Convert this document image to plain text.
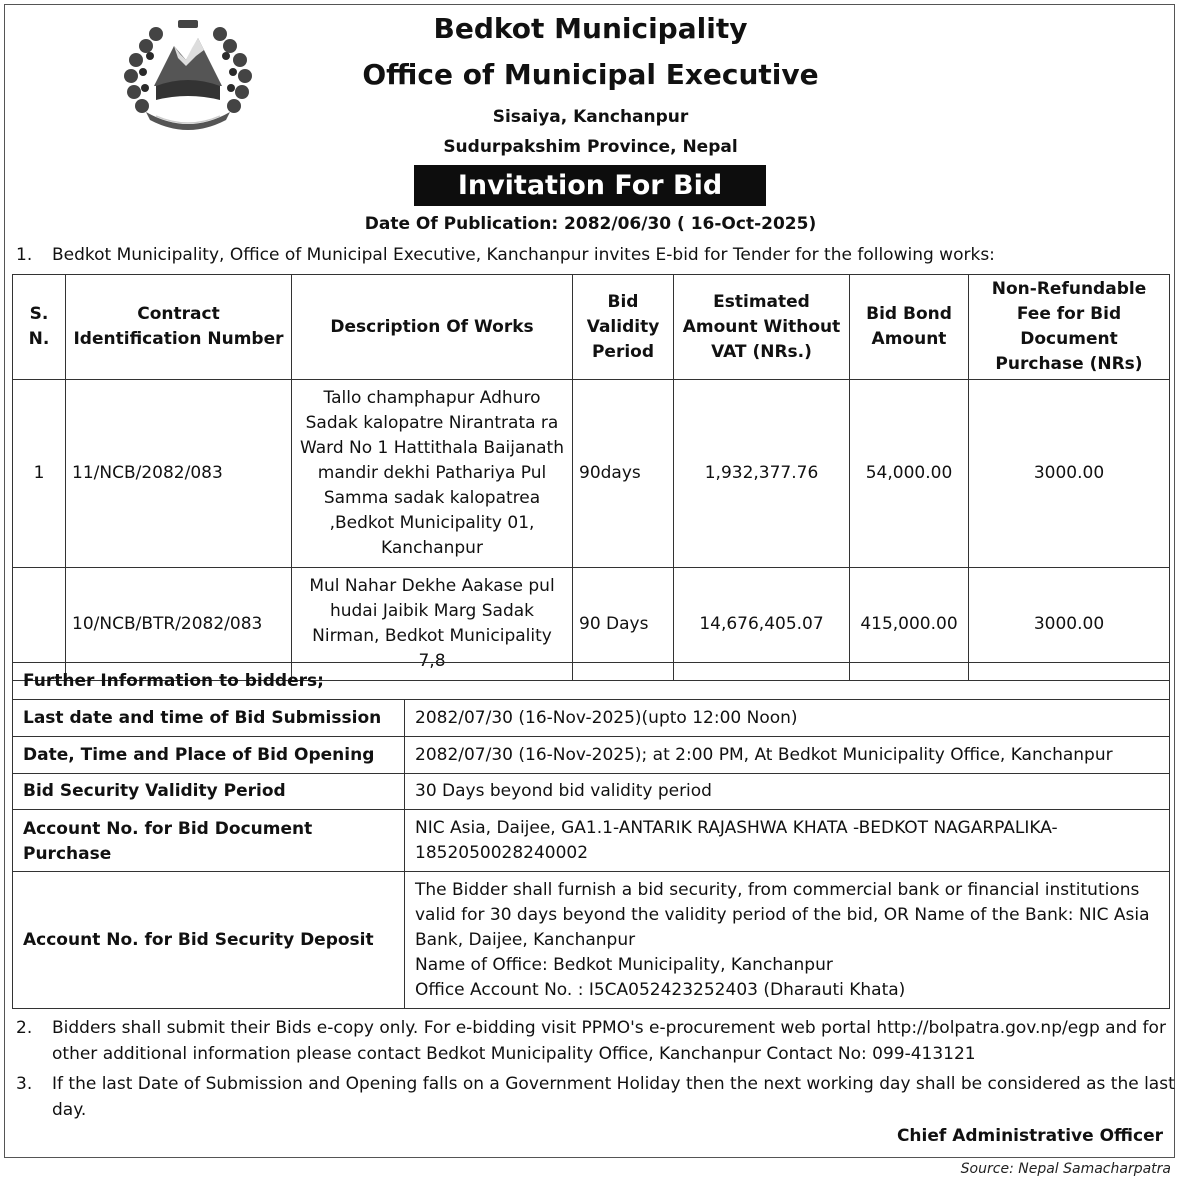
Bedkot Municipality
Office of Municipal Executive
Sisaiya, Kanchanpur
Sudurpakshim Province, Nepal
Invitation For Bid
Date Of Publication: 2082/06/30 ( 16-Oct-2025)
1. Bedkot Municipality, Office of Municipal Executive, Kanchanpur invites E-bid for Tender for the following works:
S. N.	Contract Identification Number	Description Of Works	Bid Validity Period	Estimated Amount Without VAT (NRs.)	Bid Bond Amount	Non-Refundable Fee for Bid Document Purchase (NRs)
1	11/NCB/2082/083	Tallo champhapur Adhuro Sadak kalopatre Nirantrata ra Ward No 1 Hattithala Baijanath mandir dekhi Pathariya Pul Samma sadak kalopatrea ,Bedkot Municipality 01, Kanchanpur	90days	1,932,377.76	54,000.00	3000.00
	10/NCB/BTR/2082/083	Mul Nahar Dekhe Aakase pul hudai Jaibik Marg Sadak Nirman, Bedkot Municipality 7,8	90 Days	14,676,405.07	415,000.00	3000.00
Further Information to bidders;	
Last date and time of Bid Submission	2082/07/30 (16-Nov-2025)(upto 12:00 Noon)
Date, Time and Place of Bid Opening	2082/07/30 (16-Nov-2025); at 2:00 PM, At Bedkot Municipality Office, Kanchanpur
Bid Security Validity Period	30 Days beyond bid validity period
Account No. for Bid Document Purchase	NIC Asia, Daijee, GA1.1-ANTARIK RAJASHWA KHATA -BEDKOT NAGARPALIKA-
1852050028240002

Account No. for Bid Security Deposit	The Bidder shall furnish a bid security, from commercial bank or financial institutions
valid for 30 days beyond the validity period of the bid, OR Name of the Bank: NIC Asia
Bank, Daijee, Kanchanpur
Name of Office: Bedkot Municipality, Kanchanpur
Office Account No. : I5CA052423252403 (Dharauti Khata)
2. Bidders shall submit their Bids e-copy only. For e-bidding visit PPMO's e-procurement web portal http://bolpatra.gov.np/egp and for other additional information please contact Bedkot Municipality Office, Kanchanpur Contact No: 099-413121
3. If the last Date of Submission and Opening falls on a Government Holiday then the next working day shall be considered as the last day.
Chief Administrative Officer
Source: Nepal Samacharpatra
